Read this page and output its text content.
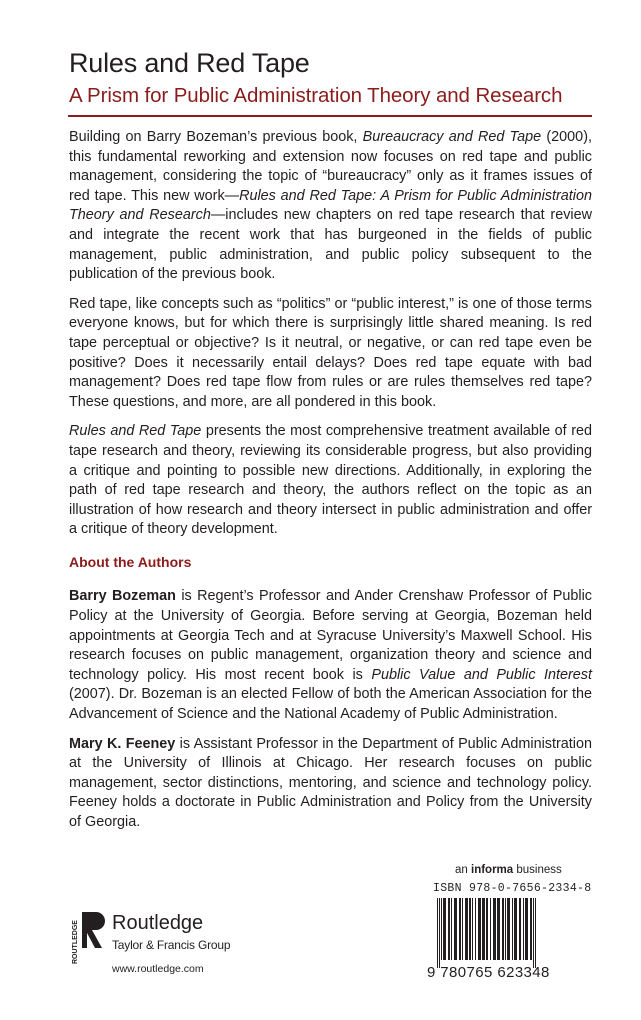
Rules and Red Tape
A Prism for Public Administration Theory and Research

Building on Barry Bozeman’s previous book, Bureaucracy and Red Tape (2000), this fundamental reworking and extension now focuses on red tape and public management, considering the topic of “bureaucracy” only as it frames issues of red tape. This new work—Rules and Red Tape: A Prism for Public Administration Theory and Research—includes new chapters on red tape research that review and integrate the recent work that has burgeoned in the fields of public management, public administration, and public policy subsequent to the publication of the previous book.

Red tape, like concepts such as “politics” or “public interest,” is one of those terms everyone knows, but for which there is surprisingly little shared meaning. Is red tape perceptual or objective? Is it neutral, or negative, or can red tape even be positive? Does it necessarily entail delays? Does red tape equate with bad management? Does red tape flow from rules or are rules themselves red tape? These questions, and more, are all pondered in this book.

Rules and Red Tape presents the most comprehensive treatment available of red tape research and theory, reviewing its considerable progress, but also providing a critique and pointing to possible new directions. Additionally, in exploring the path of red tape research and theory, the authors reflect on the topic as an illustration of how research and theory intersect in public administration and offer a critique of theory development.

About the Authors

Barry Bozeman is Regent’s Professor and Ander Crenshaw Professor of Public Policy at the University of Georgia. Before serving at Georgia, Bozeman held appointments at Georgia Tech and at Syracuse University’s Maxwell School. His research focuses on public management, organization theory and science and technology policy. His most recent book is Public Value and Public Interest (2007). Dr. Bozeman is an elected Fellow of both the American Association for the Advancement of Science and the National Academy of Public Administration.

Mary K. Feeney is Assistant Professor in the Department of Public Administration at the University of Illinois at Chicago. Her research focuses on public management, sector distinctions, mentoring, and science and technology policy. Feeney holds a doctorate in Public Administration and Policy from the University of Georgia.

ROUTLEDGE Routledge
Taylor & Francis Group
www.routledge.com
an informa business
ISBN 978-0-7656-2334-8
9 780765 623348
